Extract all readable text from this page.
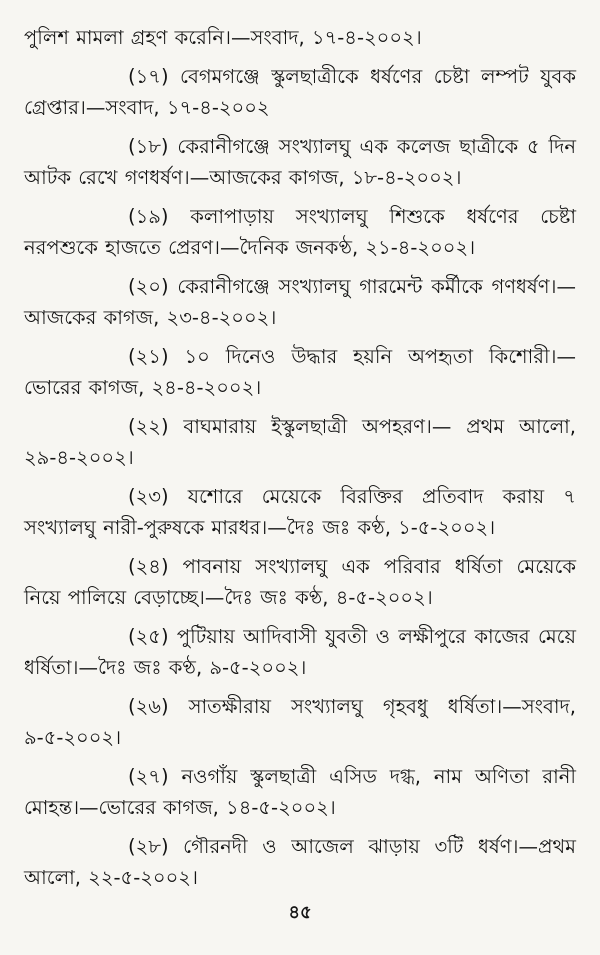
পুলিশ মামলা গ্রহণ করেনি।—সংবাদ, ১৭-৪-২০০২।

(১৭) বেগমগঞ্জে স্কুলছাত্রীকে ধর্ষণের চেষ্টা লম্পট যুবক গ্রেপ্তার।—সংবাদ, ১৭-৪-২০০২

(১৮) কেরানীগঞ্জে সংখ্যালঘু এক কলেজ ছাত্রীকে ৫ দিন আটক রেখে গণধর্ষণ।—আজকের কাগজ, ১৮-৪-২০০২।

(১৯) কলাপাড়ায় সংখ্যালঘু শিশুকে ধর্ষণের চেষ্টা নরপশুকে হাজতে প্রেরণ।—দৈনিক জনকণ্ঠ, ২১-৪-২০০২।

(২০) কেরানীগঞ্জে সংখ্যালঘু গারমেন্ট কর্মীকে গণধর্ষণ।—আজকের কাগজ, ২৩-৪-২০০২।

(২১) ১০ দিনেও উদ্ধার হয়নি অপহৃতা কিশোরী।—ভোরের কাগজ, ২৪-৪-২০০২।

(২২) বাঘমারায় ইস্কুলছাত্রী অপহরণ।— প্রথম আলো, ২৯-৪-২০০২।

(২৩) যশোরে মেয়েকে বিরক্তির প্রতিবাদ করায় ৭ সংখ্যালঘু নারী-পুরুষকে মারধর।—দৈঃ জঃ কণ্ঠ, ১-৫-২০০২।

(২৪) পাবনায় সংখ্যালঘু এক পরিবার ধর্ষিতা মেয়েকে নিয়ে পালিয়ে বেড়াচ্ছে।—দৈঃ জঃ কণ্ঠ, ৪-৫-২০০২।

(২৫) পুটিয়ায় আদিবাসী যুবতী ও লক্ষীপুরে কাজের মেয়ে ধর্ষিতা।—দৈঃ জঃ কণ্ঠ, ৯-৫-২০০২।

(২৬) সাতক্ষীরায় সংখ্যালঘু গৃহবধু ধর্ষিতা।—সংবাদ, ৯-৫-২০০২।

(২৭) নওগাঁয় স্কুলছাত্রী এসিড দগ্ধ, নাম অণিতা রানী মোহন্ত।—ভোরের কাগজ, ১৪-৫-২০০২।

(২৮) গৌরনদী ও আজেল ঝাড়ায় ৩টি ধর্ষণ।—প্রথম আলো, ২২-৫-২০০২।

৪৫
